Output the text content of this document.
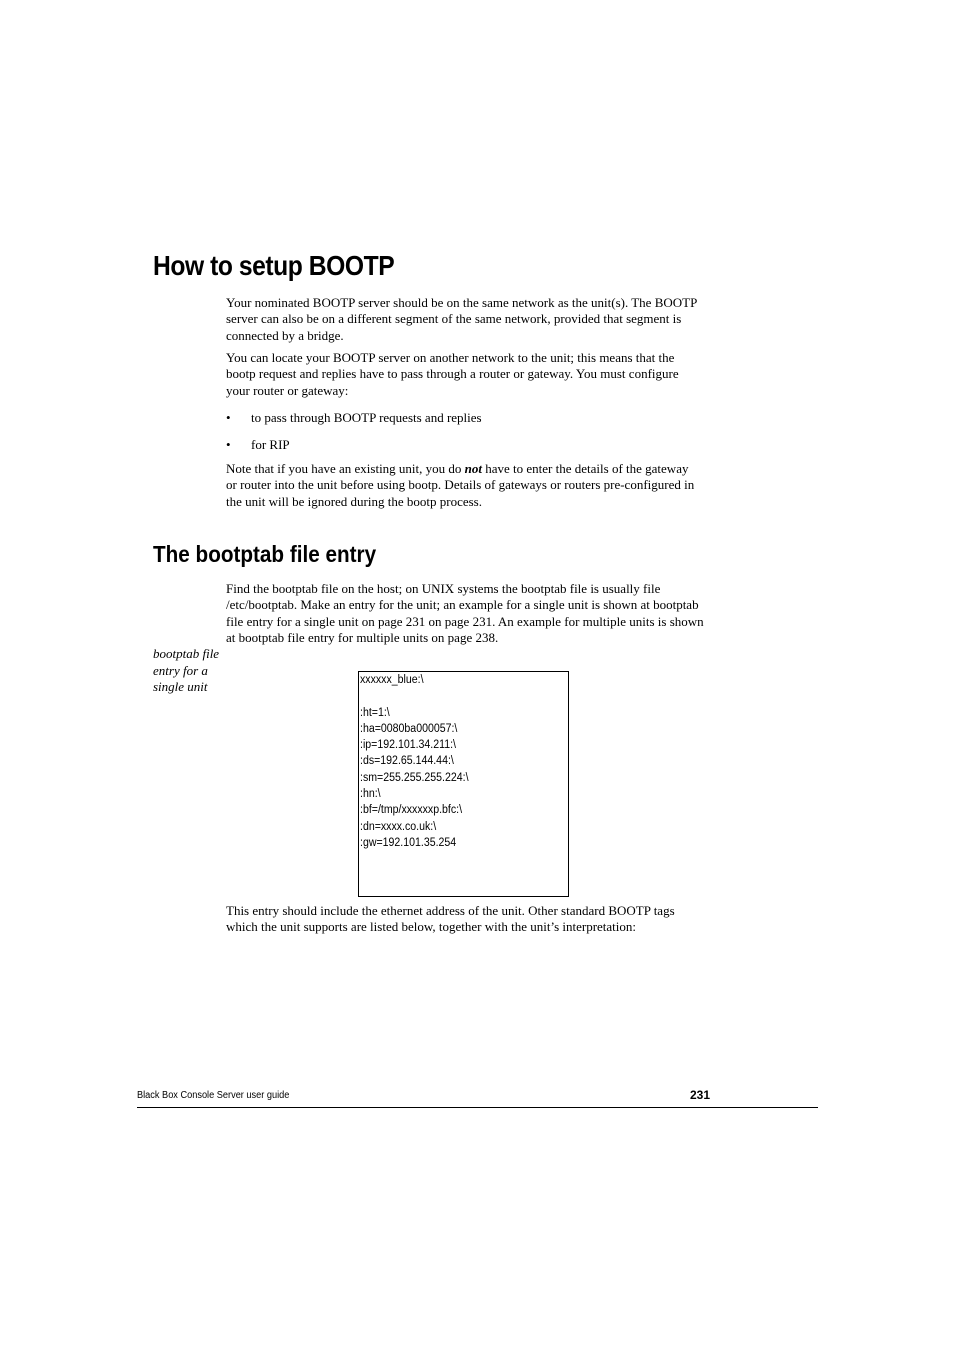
How to setup BOOTP

Your nominated BOOTP server should be on the same network as the unit(s). The BOOTP server can also be on a different segment of the same network, provided that segment is connected by a bridge.

You can locate your BOOTP server on another network to the unit; this means that the bootp request and replies have to pass through a router or gateway. You must configure your router or gateway:

• to pass through BOOTP requests and replies

• for RIP

Note that if you have an existing unit, you do not have to enter the details of the gateway or router into the unit before using bootp. Details of gateways or routers pre-configured in the unit will be ignored during the bootp process.

The bootptab file entry

Find the bootptab file on the host; on UNIX systems the bootptab file is usually file /etc/bootptab. Make an entry for the unit; an example for a single unit is shown at bootptab file entry for a single unit on page 231 on page 231. An example for multiple units is shown at bootptab file entry for multiple units on page 238.

bootptab file entry for a single unit	xxxxxx_blue:\
:ht=1:\
:ha=0080ba000057:\
:ip=192.101.34.211:\
:ds=192.65.144.44:\
:sm=255.255.255.224:\
:hn:\
:bf=/tmp/xxxxxxp.bfc:\
:dn=xxxx.co.uk:\
:gw=192.101.35.254

This entry should include the ethernet address of the unit. Other standard BOOTP tags which the unit supports are listed below, together with the unit’s interpretation:

Black Box Console Server user guide	231
